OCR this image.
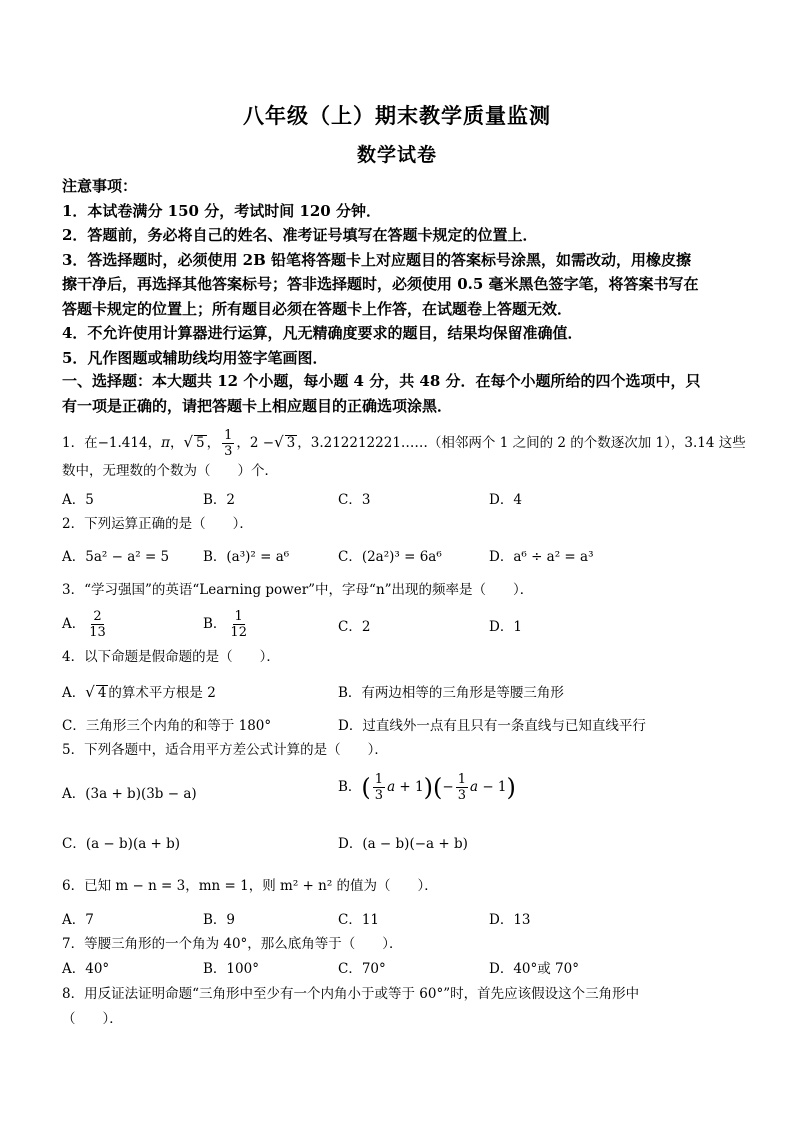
八年级（上）期末教学质量监测
数学试卷

注意事项：

1．本试卷满分 150 分，考试时间 120 分钟．

2．答题前，务必将自己的姓名、准考证号填写在答题卡规定的位置上．

3．答选择题时，必须使用 2B 铅笔将答题卡上对应题目的答案标号涂黑，如需改动，用橡皮擦

擦干净后，再选择其他答案标号；答非选择题时，必须使用 0.5 毫米黑色签字笔，将答案书写在

答题卡规定的位置上；所有题目必须在答题卡上作答，在试题卷上答题无效．

4．不允许使用计算器进行运算，凡无精确度要求的题目，结果均保留准确值．

5．凡作图题或辅助线均用签字笔画图．

一、选择题：本大题共 12 个小题，每小题 4 分，共 48 分．在每个小题所给的四个选项中，只

有一项是正确的，请把答题卡上相应题目的正确选项涂黑．

1．在−1.414，π，√ 5 ， $\frac{1}{3}$ ，2 −√ 3 ，3.212212221……（相邻两个 1 之间的 2 的个数逐次加 1），3.14 这些
数中，无理数的个数为（　　）个．
A．5	B．2	C．3	D．4
2．下列运算正确的是（　　）．
A．5a² − a² = 5	B．(a³)² = a⁶	C．(2a²)³ = 6a⁶	D．a⁶ ÷ a² = a³
3．“学习强国”的英语“Learning power”中，字母“n”出现的频率是（　　）．
A． $\frac{2}{13}$	B． $\frac{1}{12}$	C．2	D．1
4．以下命题是假命题的是（　　）．
A．√ 4 的算术平方根是 2	B．有两边相等的三角形是等腰三角形
C．三角形三个内角的和等于 180°	D．过直线外一点有且只有一条直线与已知直线平行
5．下列各题中，适合用平方差公式计算的是（　　）．
A．(3a + b)(3b − a)	B．( $\frac{1}{3}$ $a + 1)(- \frac{1}{3}$ a − 1)
C．(a − b)(a + b)	D．(a − b)(−a + b)
6．已知 m − n = 3，mn = 1，则 m² + n² 的值为（　　）．
A．7	B．9	C．11	D．13
7．等腰三角形的一个角为 40°，那么底角等于（　　）．
A．40°	B．100°	C．70°	D．40°或 70°
8．用反证法证明命题“三角形中至少有一个内角小于或等于 60°”时，首先应该假设这个三角形中
（　　）．
